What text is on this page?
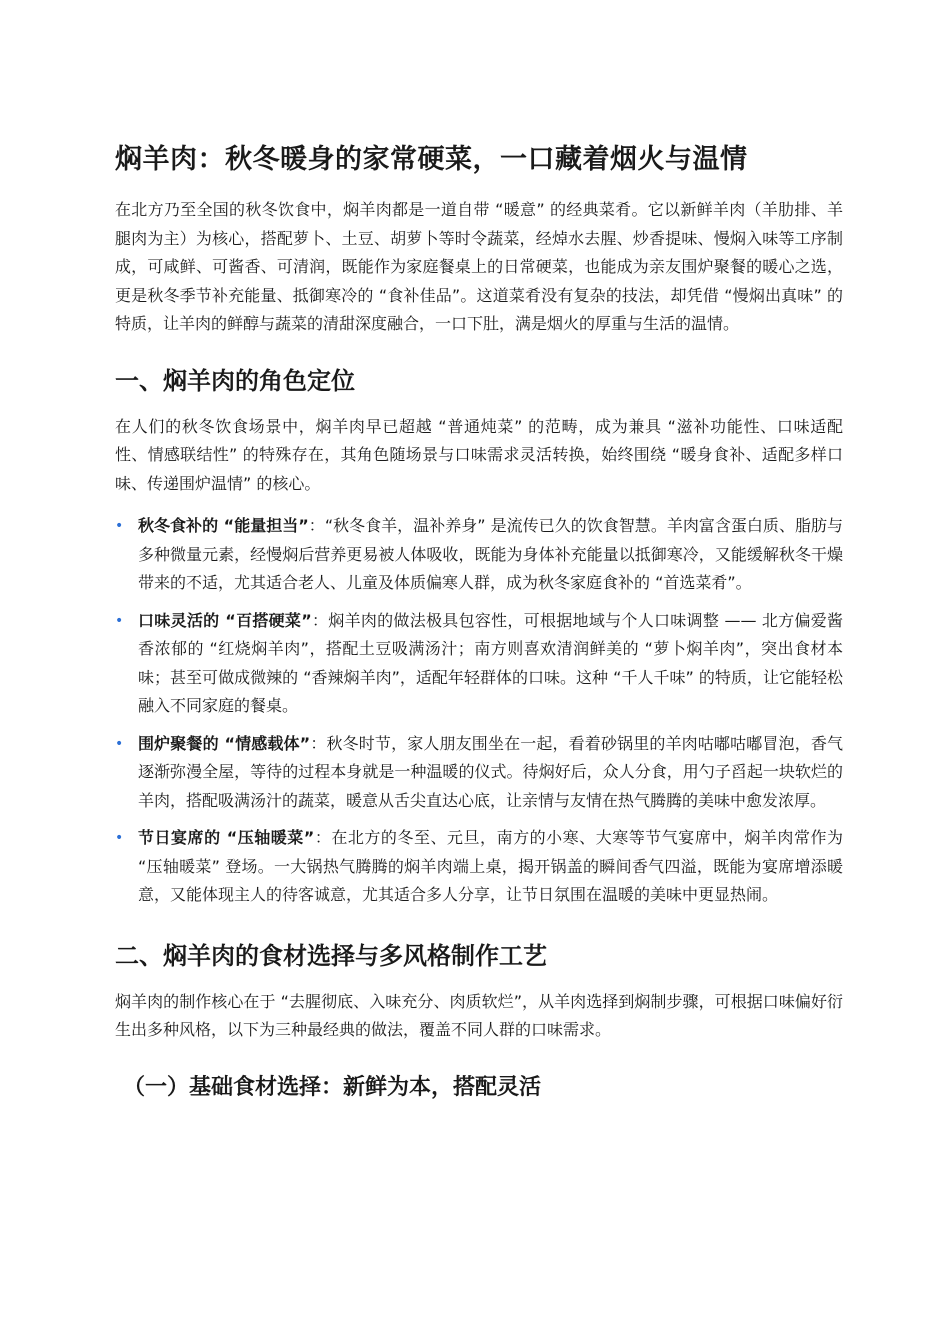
焖羊肉：秋冬暖身的家常硬菜，一口藏着烟火与温情

在北方乃至全国的秋冬饮食中，焖羊肉都是一道自带 “暖意” 的经典菜肴。它以新鲜羊肉（羊肋排、羊腿肉为主）为核心，搭配萝卜、土豆、胡萝卜等时令蔬菜，经焯水去腥、炒香提味、慢焖入味等工序制成，可咸鲜、可酱香、可清润，既能作为家庭餐桌上的日常硬菜，也能成为亲友围炉聚餐的暖心之选，更是秋冬季节补充能量、抵御寒冷的 “食补佳品”。这道菜肴没有复杂的技法，却凭借 “慢焖出真味” 的特质，让羊肉的鲜醇与蔬菜的清甜深度融合，一口下肚，满是烟火的厚重与生活的温情。

一、焖羊肉的角色定位

在人们的秋冬饮食场景中，焖羊肉早已超越 “普通炖菜” 的范畴，成为兼具 “滋补功能性、口味适配性、情感联结性” 的特殊存在，其角色随场景与口味需求灵活转换，始终围绕 “暖身食补、适配多样口味、传递围炉温情” 的核心。

• 秋冬食补的 “能量担当”：“秋冬食羊，温补养身” 是流传已久的饮食智慧。羊肉富含蛋白质、脂肪与多种微量元素，经慢焖后营养更易被人体吸收，既能为身体补充能量以抵御寒冷，又能缓解秋冬干燥带来的不适，尤其适合老人、儿童及体质偏寒人群，成为秋冬家庭食补的 “首选菜肴”。
• 口味灵活的 “百搭硬菜”：焖羊肉的做法极具包容性，可根据地域与个人口味调整 —— 北方偏爱酱香浓郁的 “红烧焖羊肉”，搭配土豆吸满汤汁；南方则喜欢清润鲜美的 “萝卜焖羊肉”，突出食材本味；甚至可做成微辣的 “香辣焖羊肉”，适配年轻群体的口味。这种 “千人千味” 的特质，让它能轻松融入不同家庭的餐桌。
• 围炉聚餐的 “情感载体”：秋冬时节，家人朋友围坐在一起，看着砂锅里的羊肉咕嘟咕嘟冒泡，香气逐渐弥漫全屋，等待的过程本身就是一种温暖的仪式。待焖好后，众人分食，用勺子舀起一块软烂的羊肉，搭配吸满汤汁的蔬菜，暖意从舌尖直达心底，让亲情与友情在热气腾腾的美味中愈发浓厚。
• 节日宴席的 “压轴暖菜”：在北方的冬至、元旦，南方的小寒、大寒等节气宴席中，焖羊肉常作为 “压轴暖菜” 登场。一大锅热气腾腾的焖羊肉端上桌，揭开锅盖的瞬间香气四溢，既能为宴席增添暖意，又能体现主人的待客诚意，尤其适合多人分享，让节日氛围在温暖的美味中更显热闹。
二、焖羊肉的食材选择与多风格制作工艺

焖羊肉的制作核心在于 “去腥彻底、入味充分、肉质软烂”，从羊肉选择到焖制步骤，可根据口味偏好衍生出多种风格，以下为三种最经典的做法，覆盖不同人群的口味需求。

（一）基础食材选择：新鲜为本，搭配灵活
